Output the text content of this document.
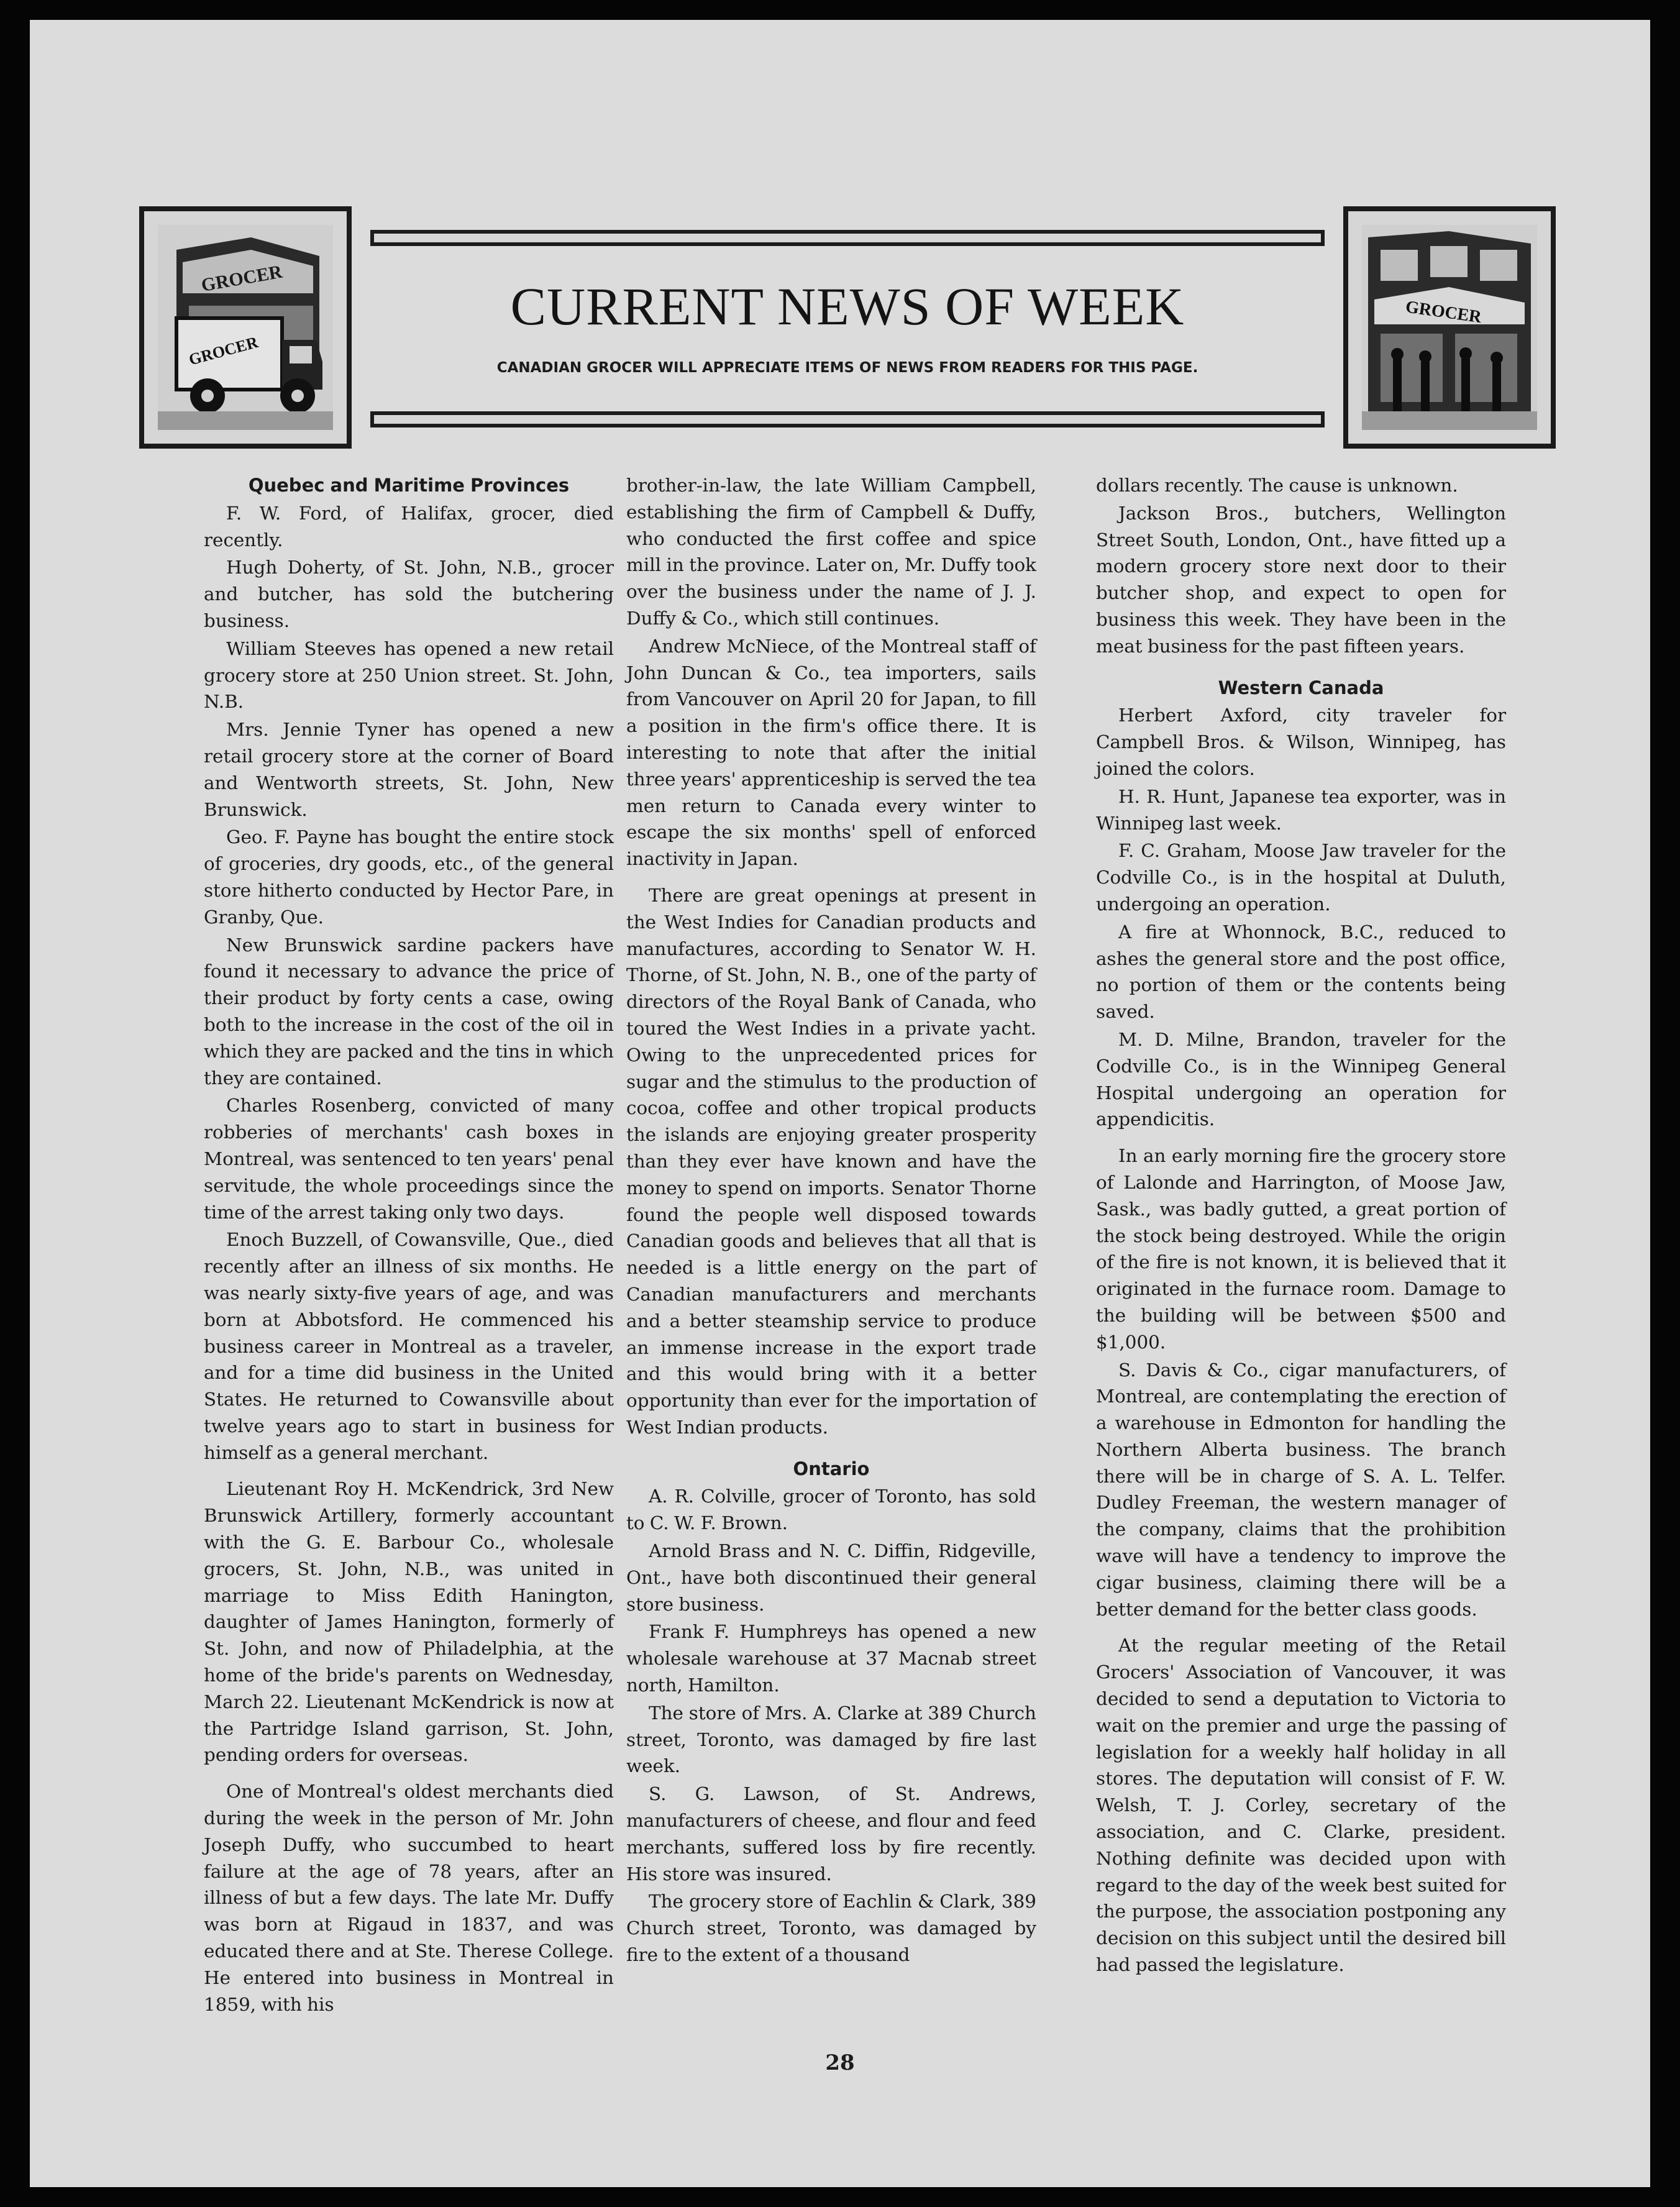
GROCER
GROCER
CURRENT NEWS OF WEEK
CANADIAN GROCER WILL APPRECIATE ITEMS OF NEWS FROM READERS FOR THIS PAGE.
GROCER
Quebec and Maritime Provinces

F. W. Ford, of Halifax, grocer, died recently.

Hugh Doherty, of St. John, N.B., grocer and butcher, has sold the butchering business.

William Steeves has opened a new retail grocery store at 250 Union street. St. John, N.B.

Mrs. Jennie Tyner has opened a new retail grocery store at the corner of Board and Wentworth streets, St. John, New Brunswick.

Geo. F. Payne has bought the entire stock of groceries, dry goods, etc., of the general store hitherto conducted by Hector Pare, in Granby, Que.

New Brunswick sardine packers have found it necessary to advance the price of their product by forty cents a case, owing both to the increase in the cost of the oil in which they are packed and the tins in which they are contained.

Charles Rosenberg, convicted of many robberies of merchants' cash boxes in Montreal, was sentenced to ten years' penal servitude, the whole proceedings since the time of the arrest taking only two days.

Enoch Buzzell, of Cowansville, Que., died recently after an illness of six months. He was nearly sixty-five years of age, and was born at Abbotsford. He commenced his business career in Montreal as a traveler, and for a time did business in the United States. He returned to Cowansville about twelve years ago to start in business for himself as a general merchant.

Lieutenant Roy H. McKendrick, 3rd New Brunswick Artillery, formerly accountant with the G. E. Barbour Co., wholesale grocers, St. John, N.B., was united in marriage to Miss Edith Hanington, daughter of James Hanington, formerly of St. John, and now of Philadelphia, at the home of the bride's parents on Wednesday, March 22. Lieutenant McKendrick is now at the Partridge Island garrison, St. John, pending orders for overseas.

One of Montreal's oldest merchants died during the week in the person of Mr. John Joseph Duffy, who succumbed to heart failure at the age of 78 years, after an illness of but a few days. The late Mr. Duffy was born at Rigaud in 1837, and was educated there and at Ste. Therese College. He entered into business in Montreal in 1859, with his

brother-in-law, the late William Campbell, establishing the firm of Campbell & Duffy, who conducted the first coffee and spice mill in the province. Later on, Mr. Duffy took over the business under the name of J. J. Duffy & Co., which still continues.

Andrew McNiece, of the Montreal staff of John Duncan & Co., tea importers, sails from Vancouver on April 20 for Japan, to fill a position in the firm's office there. It is interesting to note that after the initial three years' apprenticeship is served the tea men return to Canada every winter to escape the six months' spell of enforced inactivity in Japan.

There are great openings at present in the West Indies for Canadian products and manufactures, according to Senator W. H. Thorne, of St. John, N. B., one of the party of directors of the Royal Bank of Canada, who toured the West Indies in a private yacht. Owing to the unprecedented prices for sugar and the stimulus to the production of cocoa, coffee and other tropical products the islands are enjoying greater prosperity than they ever have known and have the money to spend on imports. Senator Thorne found the people well disposed towards Canadian goods and believes that all that is needed is a little energy on the part of Canadian manufacturers and merchants and a better steamship service to produce an immense increase in the export trade and this would bring with it a better opportunity than ever for the importation of West Indian products.

Ontario

A. R. Colville, grocer of Toronto, has sold to C. W. F. Brown.

Arnold Brass and N. C. Diffin, Ridgeville, Ont., have both discontinued their general store business.

Frank F. Humphreys has opened a new wholesale warehouse at 37 Macnab street north, Hamilton.

The store of Mrs. A. Clarke at 389 Church street, Toronto, was damaged by fire last week.

S. G. Lawson, of St. Andrews, manufacturers of cheese, and flour and feed merchants, suffered loss by fire recently. His store was insured.

The grocery store of Eachlin & Clark, 389 Church street, Toronto, was damaged by fire to the extent of a thousand

dollars recently. The cause is unknown.

Jackson Bros., butchers, Wellington Street South, London, Ont., have fitted up a modern grocery store next door to their butcher shop, and expect to open for business this week. They have been in the meat business for the past fifteen years.

Western Canada

Herbert Axford, city traveler for Campbell Bros. & Wilson, Winnipeg, has joined the colors.

H. R. Hunt, Japanese tea exporter, was in Winnipeg last week.

F. C. Graham, Moose Jaw traveler for the Codville Co., is in the hospital at Duluth, undergoing an operation.

A fire at Whonnock, B.C., reduced to ashes the general store and the post office, no portion of them or the contents being saved.

M. D. Milne, Brandon, traveler for the Codville Co., is in the Winnipeg General Hospital undergoing an operation for appendicitis.

In an early morning fire the grocery store of Lalonde and Harrington, of Moose Jaw, Sask., was badly gutted, a great portion of the stock being destroyed. While the origin of the fire is not known, it is believed that it originated in the furnace room. Damage to the building will be between $500 and $1,000.

S. Davis & Co., cigar manufacturers, of Montreal, are contemplating the erection of a warehouse in Edmonton for handling the Northern Alberta business. The branch there will be in charge of S. A. L. Telfer. Dudley Freeman, the western manager of the company, claims that the prohibition wave will have a tendency to improve the cigar business, claiming there will be a better demand for the better class goods.

At the regular meeting of the Retail Grocers' Association of Vancouver, it was decided to send a deputation to Victoria to wait on the premier and urge the passing of legislation for a weekly half holiday in all stores. The deputation will consist of F. W. Welsh, T. J. Corley, secretary of the association, and C. Clarke, president. Nothing definite was decided upon with regard to the day of the week best suited for the purpose, the association postponing any decision on this subject until the desired bill had passed the legislature.

28
